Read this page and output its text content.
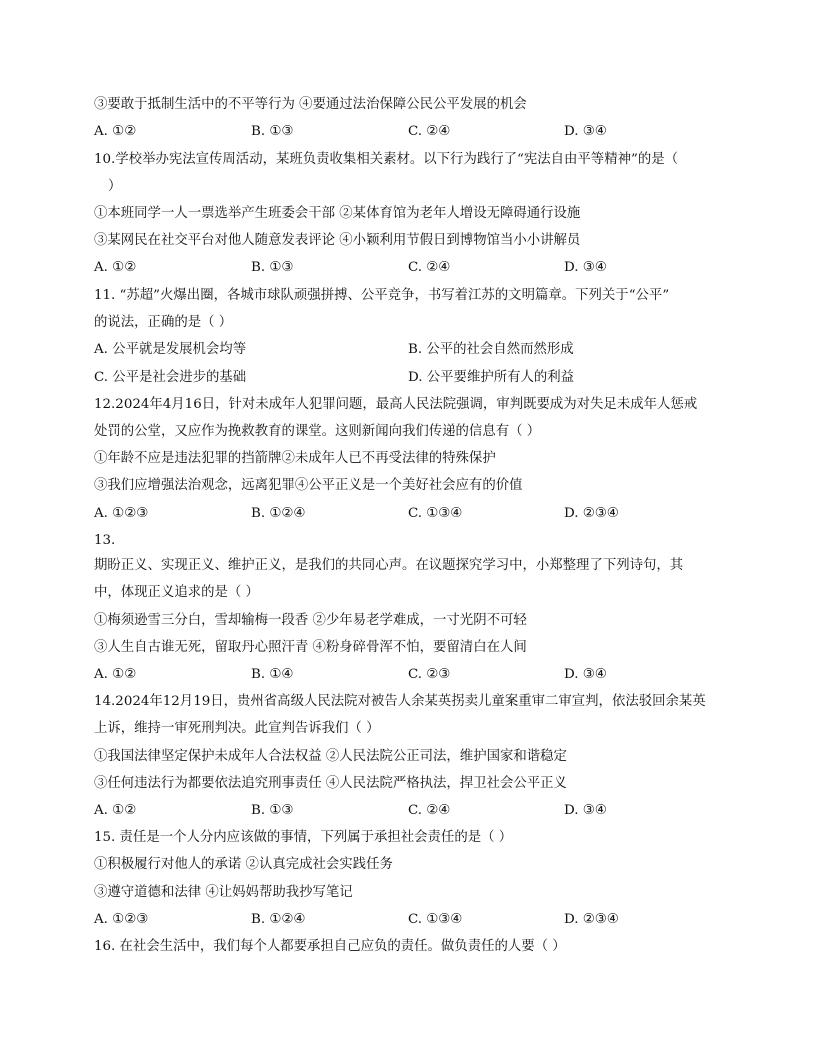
③要敢于抵制生活中的不平等行为 ④要通过法治保障公民公平发展的机会
A. ①②	B. ①③	C. ②④	D. ③④
10.学校举办宪法宣传周活动，某班负责收集相关素材。以下行为践行了“宪法自由平等精神”的是（
）
①本班同学一人一票选举产生班委会干部 ②某体育馆为老年人增设无障碍通行设施
③某网民在社交平台对他人随意发表评论 ④小颖利用节假日到博物馆当小小讲解员
A. ①②	B. ①③	C. ②④	D. ③④
11. “苏超”火爆出圈，各城市球队顽强拼搏、公平竞争，书写着江苏的文明篇章。下列关于“公平”
的说法，正确的是（ ）
A. 公平就是发展机会均等	B. 公平的社会自然而然形成
C. 公平是社会进步的基础	D. 公平要维护所有人的利益
12.2024年4月16日，针对未成年人犯罪问题，最高人民法院强调，审判既要成为对失足未成年人惩戒
处罚的公堂，又应作为挽救教育的课堂。这则新闻向我们传递的信息有（ ）
①年龄不应是违法犯罪的挡箭牌②未成年人已不再受法律的特殊保护
③我们应增强法治观念，远离犯罪④公平正义是一个美好社会应有的价值
A. ①②③	B. ①②④	C. ①③④	D. ②③④
13.
期盼正义、实现正义、维护正义，是我们的共同心声。在议题探究学习中，小郑整理了下列诗句，其
中，体现正义追求的是（ ）
①梅须逊雪三分白，雪却输梅一段香 ②少年易老学难成，一寸光阴不可轻
③人生自古谁无死，留取丹心照汗青 ④粉身碎骨浑不怕，要留清白在人间
A. ①②	B. ①④	C. ②③	D. ③④
14.2024年12月19日，贵州省高级人民法院对被告人余某英拐卖儿童案重审二审宣判，依法驳回余某英
上诉，维持一审死刑判决。此宣判告诉我们（ ）
①我国法律坚定保护未成年人合法权益 ②人民法院公正司法，维护国家和谐稳定
③任何违法行为都要依法追究刑事责任 ④人民法院严格执法，捍卫社会公平正义
A. ①②	B. ①③	C. ②④	D. ③④
15. 责任是一个人分内应该做的事情，下列属于承担社会责任的是（ ）
①积极履行对他人的承诺 ②认真完成社会实践任务
③遵守道德和法律 ④让妈妈帮助我抄写笔记
A. ①②③	B. ①②④	C. ①③④	D. ②③④
16. 在社会生活中，我们每个人都要承担自己应负的责任。做负责任的人要（ ）
